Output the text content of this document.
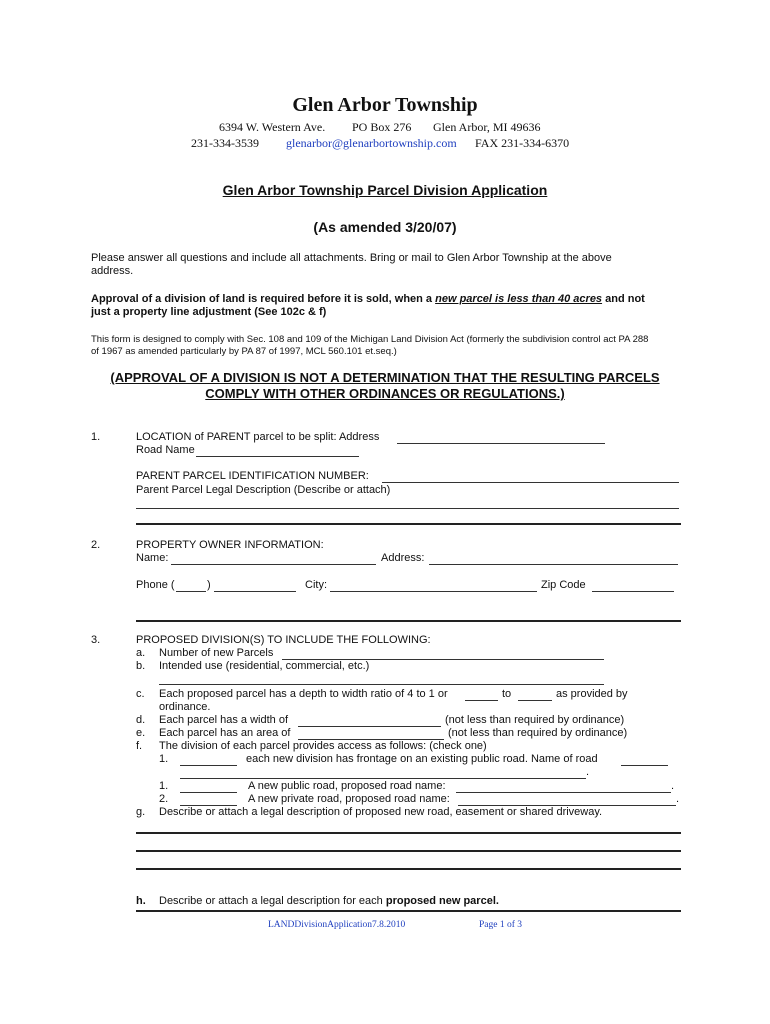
Glen Arbor Township
6394 W. Western Ave. PO Box 276 Glen Arbor, MI 49636
231-334-3539 glenarbor@glenarbortownship.com FAX 231-334-6370
Glen Arbor Township Parcel Division Application
(As amended 3/20/07)
Please answer all questions and include all attachments. Bring or mail to Glen Arbor Township at the above
address.
Approval of a division of land is required before it is sold, when a new parcel is less than 40 acres and not
just a property line adjustment (See 102c & f)
This form is designed to comply with Sec. 108 and 109 of the Michigan Land Division Act (formerly the subdivision control act PA 288
of 1967 as amended particularly by PA 87 of 1997, MCL 560.101 et.seq.)
(APPROVAL OF A DIVISION IS NOT A DETERMINATION THAT THE RESULTING PARCELS
COMPLY WITH OTHER ORDINANCES OR REGULATIONS.)
1.	LOCATION of PARENT parcel to be split: Address
Road Name
PARENT PARCEL IDENTIFICATION NUMBER:
Parent Parcel Legal Description (Describe or attach)
2.	PROPERTY OWNER INFORMATION:
Name:	Address:
Phone (	)	City:	Zip Code
3.	PROPOSED DIVISION(S) TO INCLUDE THE FOLLOWING:
a. Number of new Parcels
b. Intended use (residential, commercial, etc.)
c. Each proposed parcel has a depth to width ratio of 4 to 1 or	to	as provided by
ordinance.
d. Each parcel has a width of	(not less than required by ordinance)
e. Each parcel has an area of	(not less than required by ordinance)
f. The division of each parcel provides access as follows: (check one)
1.	each new division has frontage on an existing public road. Name of road
.
1.	A new public road, proposed road name:	.
2.	A new private road, proposed road name:	.
g. Describe or attach a legal description of proposed new road, easement or shared driveway.
h. Describe or attach a legal description for each proposed new parcel.
LANDDivisionApplication7.8.2010	Page 1 of 3
